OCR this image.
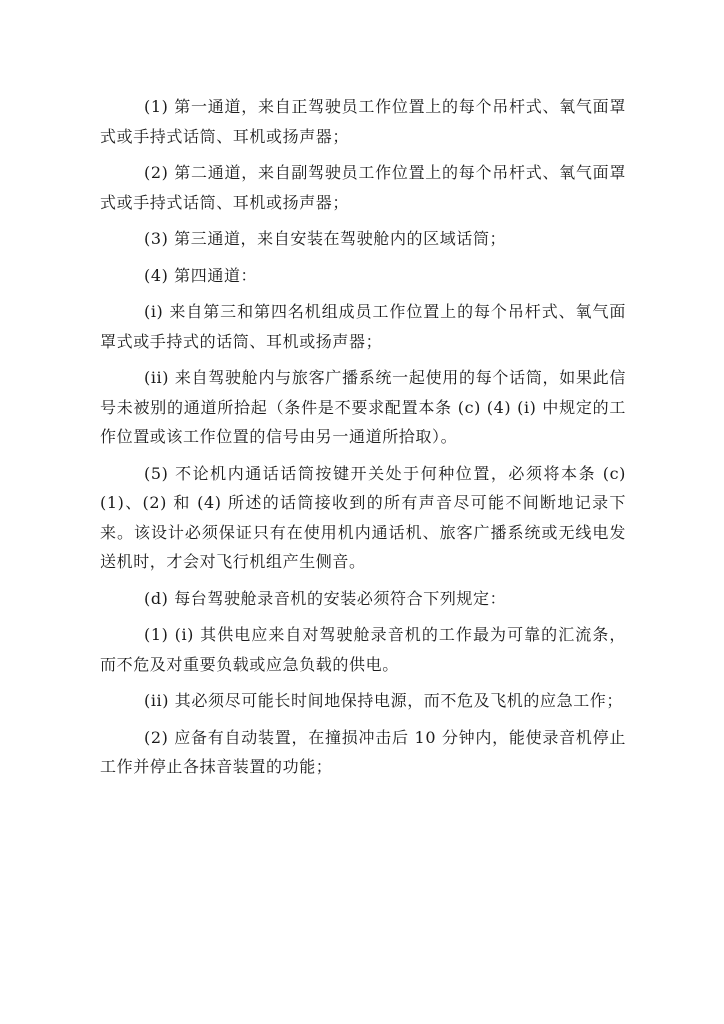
(1) 第一通道，来自正驾驶员工作位置上的每个吊杆式、氧气面罩式或手持式话筒、耳机或扬声器；

(2) 第二通道，来自副驾驶员工作位置上的每个吊杆式、氧气面罩式或手持式话筒、耳机或扬声器；

(3) 第三通道，来自安装在驾驶舱内的区域话筒；

(4) 第四通道：

(i) 来自第三和第四名机组成员工作位置上的每个吊杆式、氧气面罩式或手持式的话筒、耳机或扬声器；

(ii) 来自驾驶舱内与旅客广播系统一起使用的每个话筒，如果此信号未被别的通道所拾起（条件是不要求配置本条 (c) (4) (i) 中规定的工作位置或该工作位置的信号由另一通道所拾取）。

(5) 不论机内通话话筒按键开关处于何种位置，必须将本条 (c) (1)、(2) 和 (4) 所述的话筒接收到的所有声音尽可能不间断地记录下来。该设计必须保证只有在使用机内通话机、旅客广播系统或无线电发送机时，才会对飞行机组产生侧音。

(d) 每台驾驶舱录音机的安装必须符合下列规定：

(1) (i) 其供电应来自对驾驶舱录音机的工作最为可靠的汇流条，而不危及对重要负载或应急负载的供电。

(ii) 其必须尽可能长时间地保持电源，而不危及飞机的应急工作；

(2) 应备有自动装置，在撞损冲击后 10 分钟内，能使录音机停止工作并停止各抹音装置的功能；
